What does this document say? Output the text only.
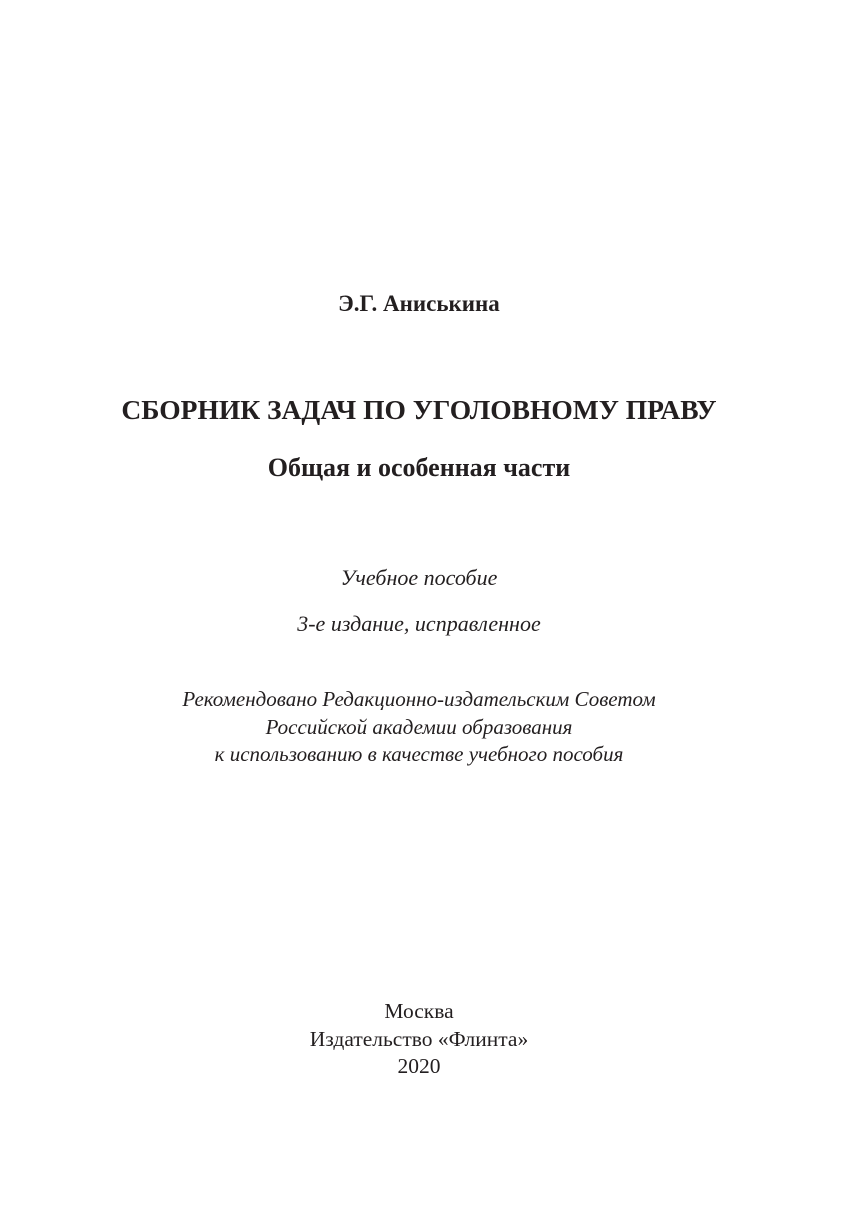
Э.Г. Аниськина

СБОРНИК ЗАДАЧ ПО УГОЛОВНОМУ ПРАВУ
Общая и особенная части

Учебное пособие

3-е издание, исправленное

Рекомендовано Редакционно-издательским Советом
Российской академии образования
к использованию в качестве учебного пособия
Москва
Издательство «Флинта»
2020
